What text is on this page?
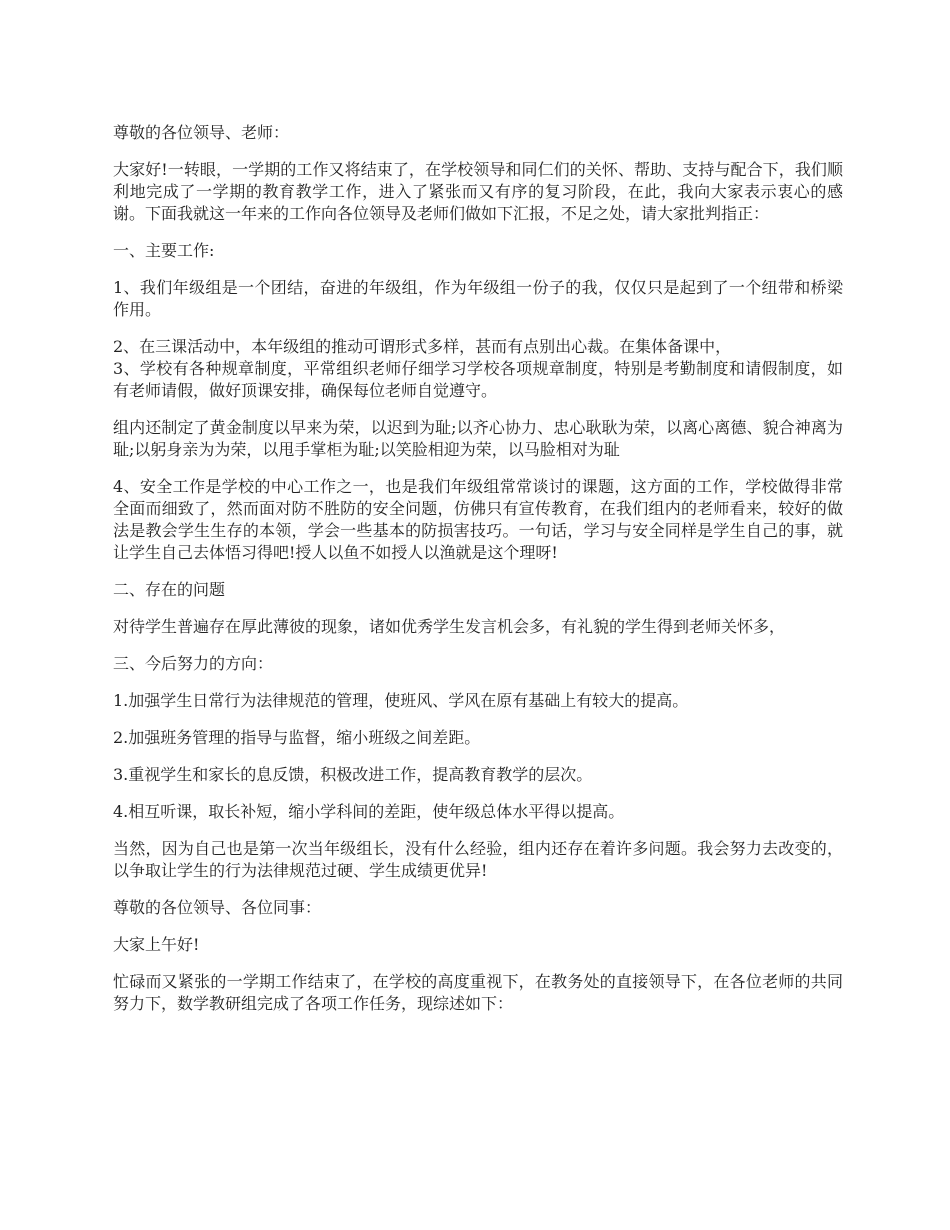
尊敬的各位领导、老师：

大家好!一转眼，一学期的工作又将结束了，在学校领导和同仁们的关怀、帮助、支持与配合下，我们顺利地完成了一学期的教育教学工作，进入了紧张而又有序的复习阶段，在此，我向大家表示衷心的感谢。下面我就这一年来的工作向各位领导及老师们做如下汇报，不足之处，请大家批判指正：

一、主要工作:

1、我们年级组是一个团结，奋进的年级组，作为年级组一份子的我，仅仅只是起到了一个纽带和桥梁作用。

2、在三课活动中，本年级组的推动可谓形式多样，甚而有点别出心裁。在集体备课中，

3、学校有各种规章制度，平常组织老师仔细学习学校各项规章制度，特别是考勤制度和请假制度，如有老师请假，做好顶课安排，确保每位老师自觉遵守。

组内还制定了黄金制度以早来为荣，以迟到为耻;以齐心协力、忠心耿耿为荣，以离心离德、貌合神离为耻;以躬身亲为为荣，以甩手掌柜为耻;以笑脸相迎为荣，以马脸相对为耻

4、安全工作是学校的中心工作之一，也是我们年级组常常谈讨的课题，这方面的工作，学校做得非常全面而细致了，然而面对防不胜防的安全问题，仿佛只有宣传教育，在我们组内的老师看来，较好的做法是教会学生生存的本领，学会一些基本的防损害技巧。一句话，学习与安全同样是学生自己的事，就让学生自己去体悟习得吧!授人以鱼不如授人以渔就是这个理呀!

二、存在的问题

对待学生普遍存在厚此薄彼的现象，诸如优秀学生发言机会多，有礼貌的学生得到老师关怀多，

三、今后努力的方向：

1.加强学生日常行为法律规范的管理，使班风、学风在原有基础上有较大的提高。

2.加强班务管理的指导与监督，缩小班级之间差距。

3.重视学生和家长的息反馈，积极改进工作，提高教育教学的层次。

4.相互听课，取长补短，缩小学科间的差距，使年级总体水平得以提高。

当然，因为自己也是第一次当年级组长，没有什么经验，组内还存在着许多问题。我会努力去改变的，以争取让学生的行为法律规范过硬、学生成绩更优异!

尊敬的各位领导、各位同事：

大家上午好!

忙碌而又紧张的一学期工作结束了，在学校的高度重视下，在教务处的直接领导下，在各位老师的共同努力下，数学教研组完成了各项工作任务，现综述如下：
